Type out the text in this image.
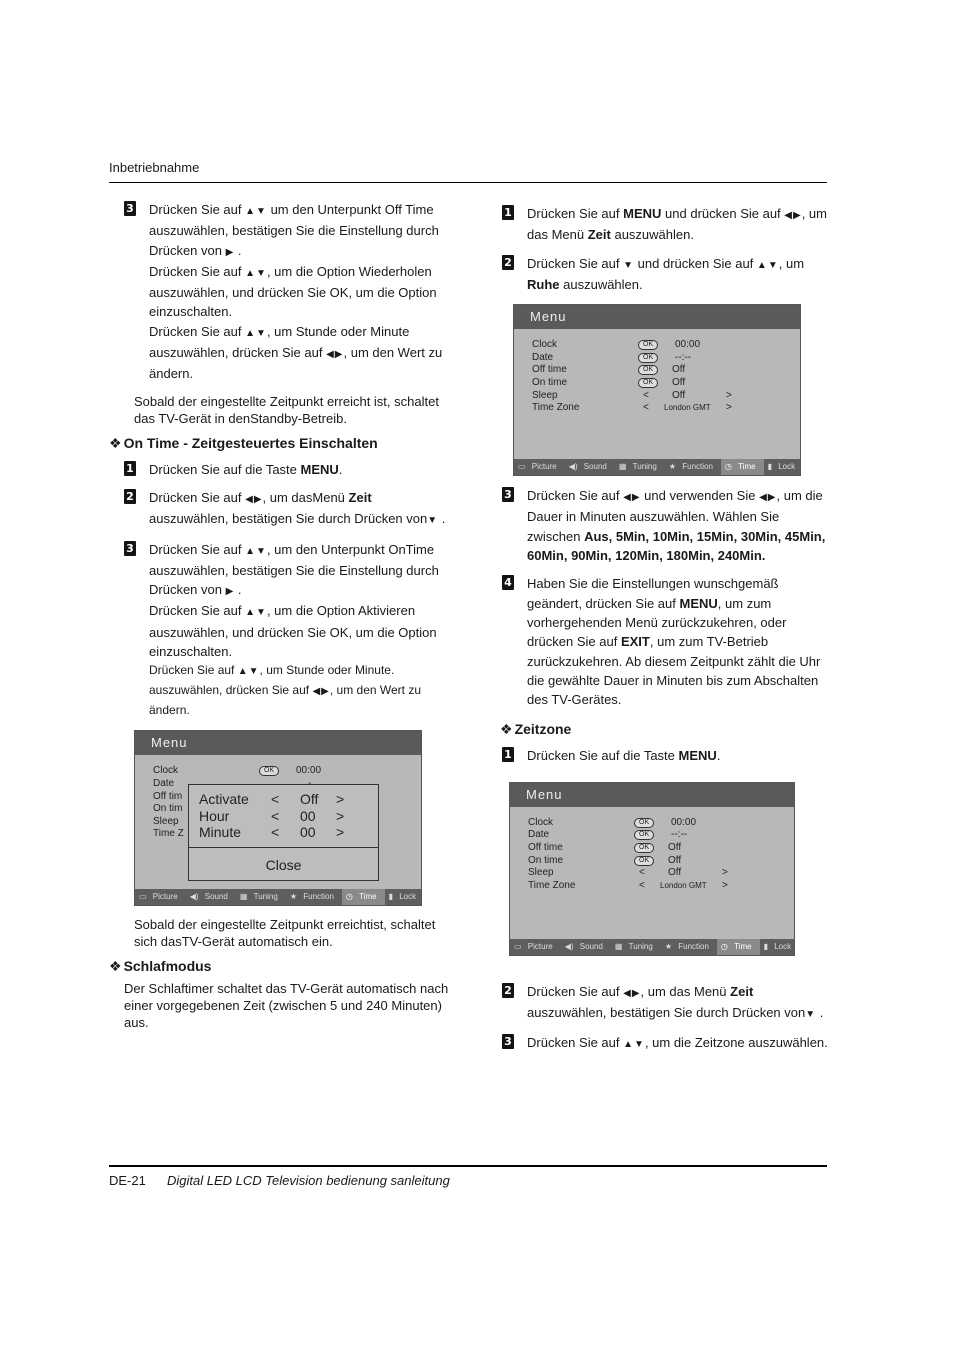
Inbetriebnahme
3 Drücken Sie auf ▲▼ um den Unterpunkt Off Time auszuwählen, bestätigen Sie die Einstellung durch Drücken von ▶ .
Drücken Sie auf ▲▼, um die Option Wiederholen auszuwählen, und drücken Sie OK, um die Option einzuschalten.
Drücken Sie auf ▲▼, um Stunde oder Minute auszuwählen, drücken Sie auf ◀▶, um den Wert zu ändern.
Sobald der eingestellte Zeitpunkt erreicht ist, schaltet das TV-Gerät in denStandby-Betreib.
❖ On Time - Zeitgesteuertes Einschalten
1 Drücken Sie auf die Taste MENU.
2 Drücken Sie auf ◀▶, um dasMenü Zeit auszuwählen, bestätigen Sie durch Drücken von▼ .
3 Drücken Sie auf ▲▼, um den Unterpunkt OnTime auszuwählen, bestätigen Sie die Einstellung durch Drücken von ▶ .
Drücken Sie auf ▲▼, um die Option Aktivieren auszuwählen, und drücken Sie OK, um die Option einzuschalten.
Drücken Sie auf ▲▼, um Stunde oder Minute. auszuwählen, drücken Sie auf ◀▶, um den Wert zu ändern.
Menu
Clock	OK	00:00
Date
Off tim
On tim
Sleep
Time Z
Activate < Off >
Hour	< 00 >
Minute < 00 >
Close
▭ Picture	◀) Sound	▦ Tuning	★ Function	◷ Time	▮ Lock
Sobald der eingestellte Zeitpunkt erreichtist, schaltet sich dasTV-Gerät automatisch ein.
❖ Schlafmodus
Der Schlaftimer schaltet das TV-Gerät automatisch nach einer vorgegebenen Zeit (zwischen 5 und 240 Minuten) aus.
1 Drücken Sie auf MENU und drücken Sie auf ◀▶, um das Menü Zeit auszuwählen.
2 Drücken Sie auf ▼ und drücken Sie auf ▲▼, um Ruhe auszuwählen.
Menu
Clock	OK	00:00
Date	OK	--:--
Off time	OK	Off
On time	OK	Off
Sleep	< Off	>
Time Zone	< London GMT >
▭ Picture	◀) Sound	▦ Tuning	★ Function	◷ Time	▮ Lock
3 Drücken Sie auf ◀▶ und verwenden Sie ◀▶, um die Dauer in Minuten auszuwählen. Wählen Sie zwischen Aus, 5Min, 10Min, 15Min, 30Min, 45Min, 60Min, 90Min, 120Min, 180Min, 240Min.
4 Haben Sie die Einstellungen wunschgemäß geändert, drücken Sie auf MENU, um zum vorhergehenden Menü zurückzukehren, oder drücken Sie auf EXIT, um zum TV-Betrieb zurückzukehren. Ab diesem Zeitpunkt zählt die Uhr die gewählte Dauer in Minuten bis zum Abschalten des TV-Gerätes.
❖ Zeitzone
1 Drücken Sie auf die Taste MENU.
Menu
Clock	OK	00:00
Date	OK	--:--
Off time	OK	Off
On time	OK	Off
Sleep	< Off	>
Time Zone	< London GMT >
▭ Picture	◀) Sound	▦ Tuning	★ Function	◷ Time	▮ Lock
2 Drücken Sie auf ◀▶, um das Menü Zeit auszuwählen, bestätigen Sie durch Drücken von▼ .
3 Drücken Sie auf ▲▼, um die Zeitzone auszuwählen.
DE-21 Digital LED LCD Television bedienung sanleitung
